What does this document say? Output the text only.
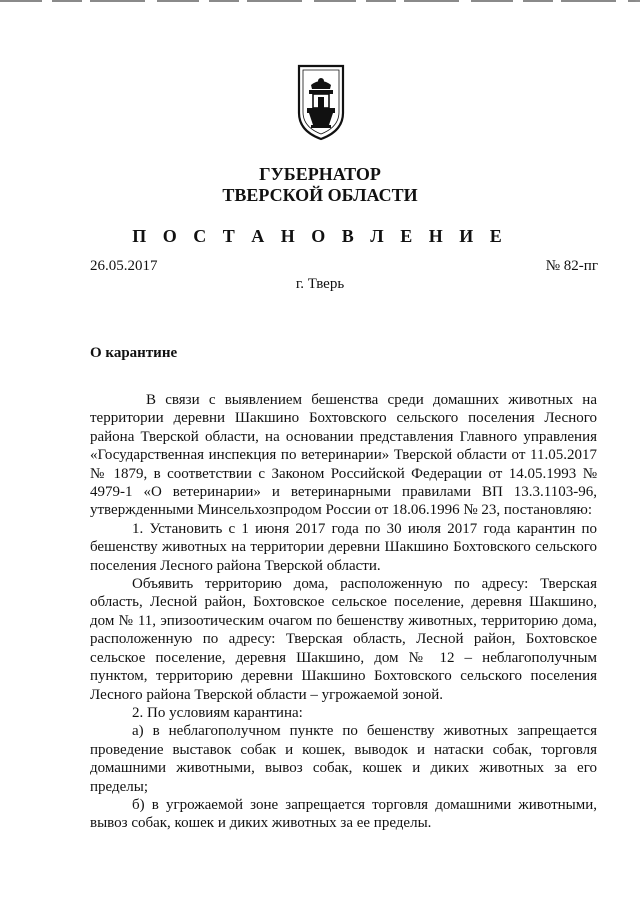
ГУБЕРНАТОР
ТВЕРСКОЙ ОБЛАСТИ
П О С Т А Н О В Л Е Н И Е
26.05.2017	№ 82-пг
г. Тверь
О карантине

В связи с выявлением бешенства среди домашних животных на территории деревни Шакшино Бохтовского сельского поселения Лесного района Тверской области, на основании представления Главного управления «Государственная инспекция по ветеринарии» Тверской области от 11.05.2017 № 1879, в соответствии с Законом Российской Федерации от 14.05.1993 № 4979-1 «О ветеринарии» и ветеринарными правилами ВП 13.3.1103-96, утвержденными Минсельхозпродом России от 18.06.1996 № 23, постановляю:

1. Установить с 1 июня 2017 года по 30 июля 2017 года карантин по бешенству животных на территории деревни Шакшино Бохтовского сельского поселения Лесного района Тверской области.

Объявить территорию дома, расположенную по адресу: Тверская область, Лесной район, Бохтовское сельское поселение, деревня Шакшино, дом № 11, эпизоотическим очагом по бешенству животных, территорию дома, расположенную по адресу: Тверская область, Лесной район, Бохтовское сельское поселение, деревня Шакшино, дом № 12 – неблагополучным пунктом, территорию деревни Шакшино Бохтовского сельского поселения Лесного района Тверской области – угрожаемой зоной.

2. По условиям карантина:

а) в неблагополучном пункте по бешенству животных запрещается проведение выставок собак и кошек, выводок и натаски собак, торговля домашними животными, вывоз собак, кошек и диких животных за его пределы;

б) в угрожаемой зоне запрещается торговля домашними животными, вывоз собак, кошек и диких животных за ее пределы.
